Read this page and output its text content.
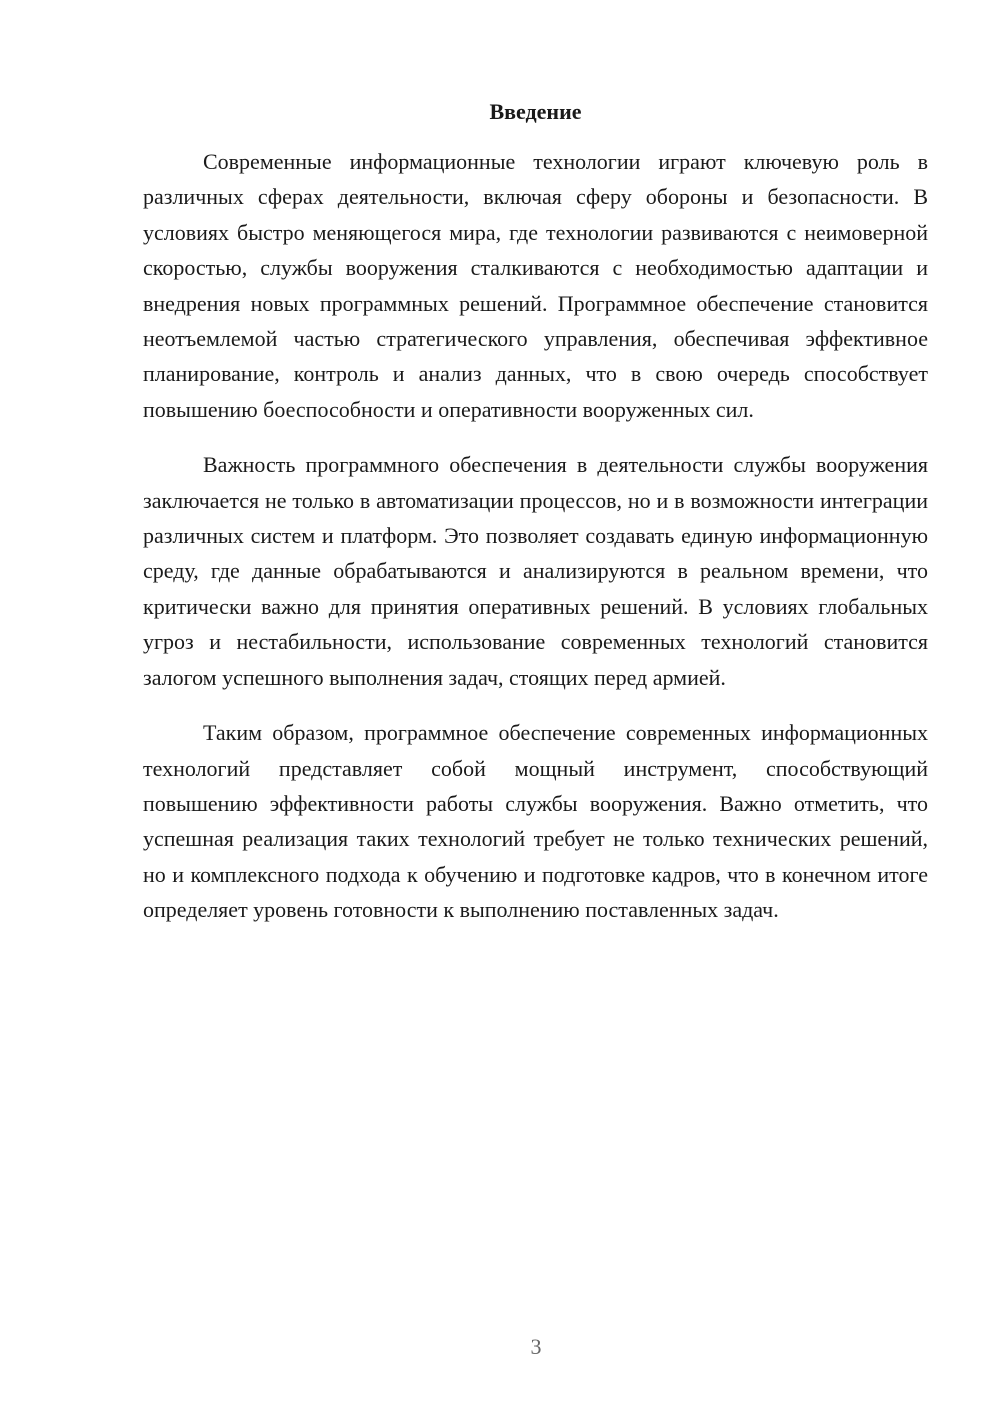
Введение

Современные информационные технологии играют ключевую роль в различных сферах деятельности, включая сферу обороны и безопасности. В условиях быстро меняющегося мира, где технологии развиваются с неимоверной скоростью, службы вооружения сталкиваются с необходимостью адаптации и внедрения новых программных решений. Программное обеспечение становится неотъемлемой частью стратегического управления, обеспечивая эффективное планирование, контроль и анализ данных, что в свою очередь способствует повышению боеспособности и оперативности вооруженных сил.

Важность программного обеспечения в деятельности службы вооружения заключается не только в автоматизации процессов, но и в возможности интеграции различных систем и платформ. Это позволяет создавать единую информационную среду, где данные обрабатываются и анализируются в реальном времени, что критически важно для принятия оперативных решений. В условиях глобальных угроз и нестабильности, использование современных технологий становится залогом успешного выполнения задач, стоящих перед армией.

Таким образом, программное обеспечение современных информационных технологий представляет собой мощный инструмент, способствующий повышению эффективности работы службы вооружения. Важно отметить, что успешная реализация таких технологий требует не только технических решений, но и комплексного подхода к обучению и подготовке кадров, что в конечном итоге определяет уровень готовности к выполнению поставленных задач.

3
